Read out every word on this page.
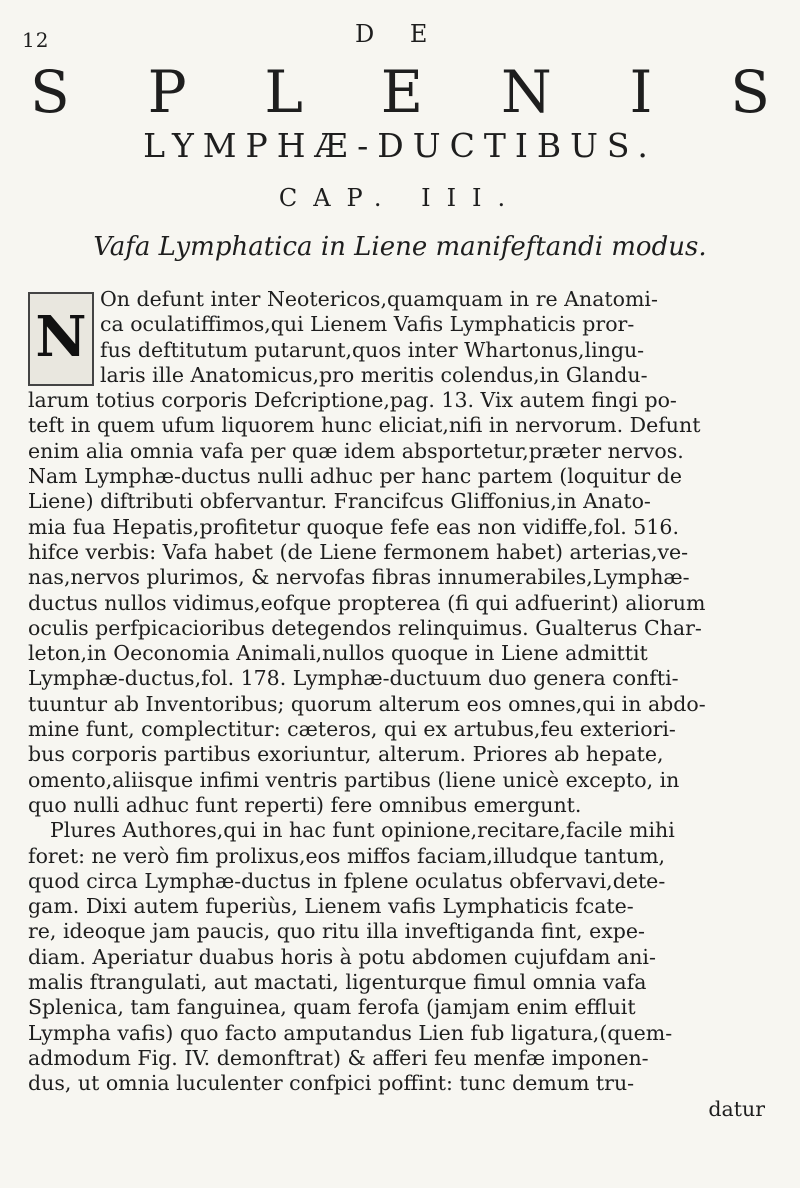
12	D E
S P L E N I S
LYMPHÆ-DUCTIBUS.
CAP. III.
Vafa Lymphatica in Liene manifeftandi modus.
N
On defunt inter Neotericos,quamquam in re Anatomi-
ca oculatiffimos,qui Lienem Vafis Lymphaticis pror-
fus deftitutum putarunt,quos inter Whartonus,lingu-
laris ille Anatomicus,pro meritis colendus,in Glandu-
larum totius corporis Defcriptione,pag. 13. Vix autem fingi po-
teft in quem ufum liquorem hunc eliciat,nifi in nervorum. Defunt
enim alia omnia vafa per quæ idem absportetur,præter nervos.
Nam Lymphæ-ductus nulli adhuc per hanc partem (loquitur de
Liene) diftributi obfervantur. Francifcus Gliffonius,in Anato-
mia fua Hepatis,profitetur quoque fefe eas non vidiffe,fol. 516.
hifce verbis: Vafa habet (de Liene fermonem habet) arterias,ve-
nas,nervos plurimos, & nervofas fibras innumerabiles,Lymphæ-
ductus nullos vidimus,eofque propterea (fi qui adfuerint) aliorum
oculis perfpicacioribus detegendos relinquimus. Gualterus Char-
leton,in Oeconomia Animali,nullos quoque in Liene admittit
Lymphæ-ductus,fol. 178. Lymphæ-ductuum duo genera confti-
tuuntur ab Inventoribus; quorum alterum eos omnes,qui in abdo-
mine funt, complectitur: cæteros, qui ex artubus,feu exteriori-
bus corporis partibus exoriuntur, alterum. Priores ab hepate,
omento,aliisque infimi ventris partibus (liene unicè excepto, in
quo nulli adhuc funt reperti) fere omnibus emergunt.
Plures Authores,qui in hac funt opinione,recitare,facile mihi
foret: ne verò fim prolixus,eos miffos faciam,illudque tantum,
quod circa Lymphæ-ductus in fplene oculatus obfervavi,dete-
gam. Dixi autem fuperiùs, Lienem vafis Lymphaticis fcate-
re, ideoque jam paucis, quo ritu illa inveftiganda fint, expe-
diam. Aperiatur duabus horis à potu abdomen cujufdam ani-
malis ftrangulati, aut mactati, ligenturque fimul omnia vafa
Splenica, tam fanguinea, quam ferofa (jamjam enim effluit
Lympha vafis) quo facto amputandus Lien fub ligatura,(quem-
admodum Fig. IV. demonftrat) & afferi feu menfæ imponen-
dus, ut omnia luculenter confpici poffint: tunc demum tru-
datur
